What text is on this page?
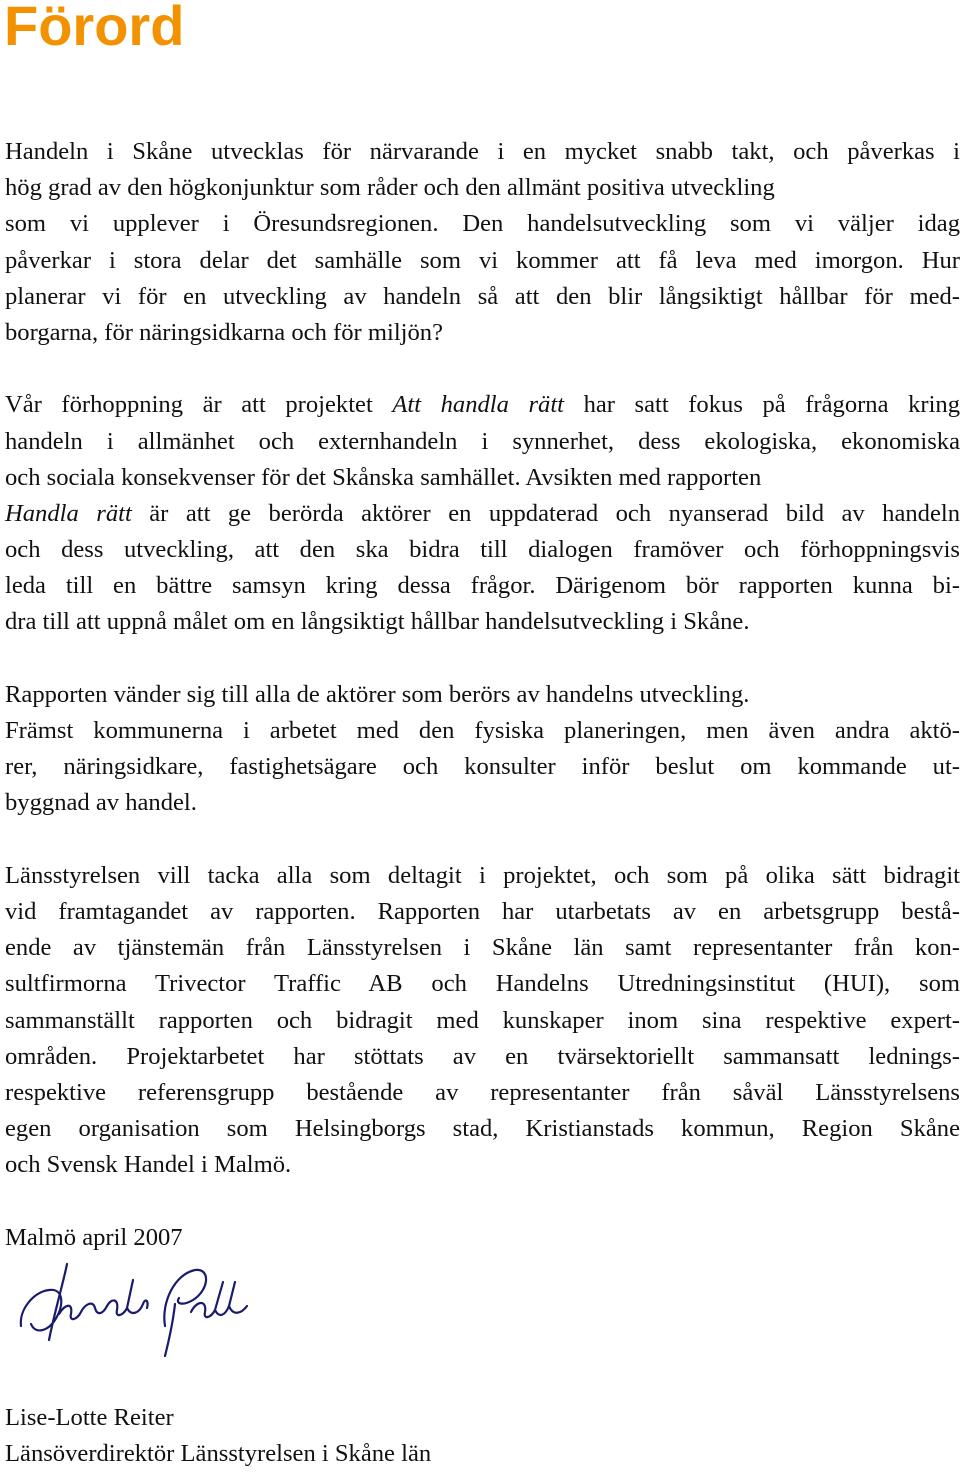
Förord
Handeln i Skåne utvecklas för närvarande i en mycket snabb takt, och påverkas i
hög grad av den högkonjunktur som råder och den allmänt positiva utveckling
som vi upplever i Öresundsregionen. Den handelsutveckling som vi väljer idag
påverkar i stora delar det samhälle som vi kommer att få leva med imorgon. Hur
planerar vi för en utveckling av handeln så att den blir långsiktigt hållbar för med-
borgarna, för näringsidkarna och för miljön?
Vår förhoppning är att projektet Att handla rätt har satt fokus på frågorna kring
handeln i allmänhet och externhandeln i synnerhet, dess ekologiska, ekonomiska
och sociala konsekvenser för det Skånska samhället. Avsikten med rapporten
Handla rätt är att ge berörda aktörer en uppdaterad och nyanserad bild av handeln
och dess utveckling, att den ska bidra till dialogen framöver och förhoppningsvis
leda till en bättre samsyn kring dessa frågor. Därigenom bör rapporten kunna bi-
dra till att uppnå målet om en långsiktigt hållbar handelsutveckling i Skåne.
Rapporten vänder sig till alla de aktörer som berörs av handelns utveckling.
Främst kommunerna i arbetet med den fysiska planeringen, men även andra aktö-
rer, näringsidkare, fastighetsägare och konsulter inför beslut om kommande ut-
byggnad av handel.
Länsstyrelsen vill tacka alla som deltagit i projektet, och som på olika sätt bidragit
vid framtagandet av rapporten. Rapporten har utarbetats av en arbetsgrupp bestå-
ende av tjänstemän från Länsstyrelsen i Skåne län samt representanter från kon-
sultfirmorna Trivector Traffic AB och Handelns Utredningsinstitut (HUI), som
sammanställt rapporten och bidragit med kunskaper inom sina respektive expert-
områden. Projektarbetet har stöttats av en tvärsektoriellt sammansatt lednings-
respektive referensgrupp bestående av representanter från såväl Länsstyrelsens
egen organisation som Helsingborgs stad, Kristianstads kommun, Region Skåne
och Svensk Handel i Malmö.
Malmö april 2007
Lise-Lotte Reiter
Länsöverdirektör Länsstyrelsen i Skåne län
